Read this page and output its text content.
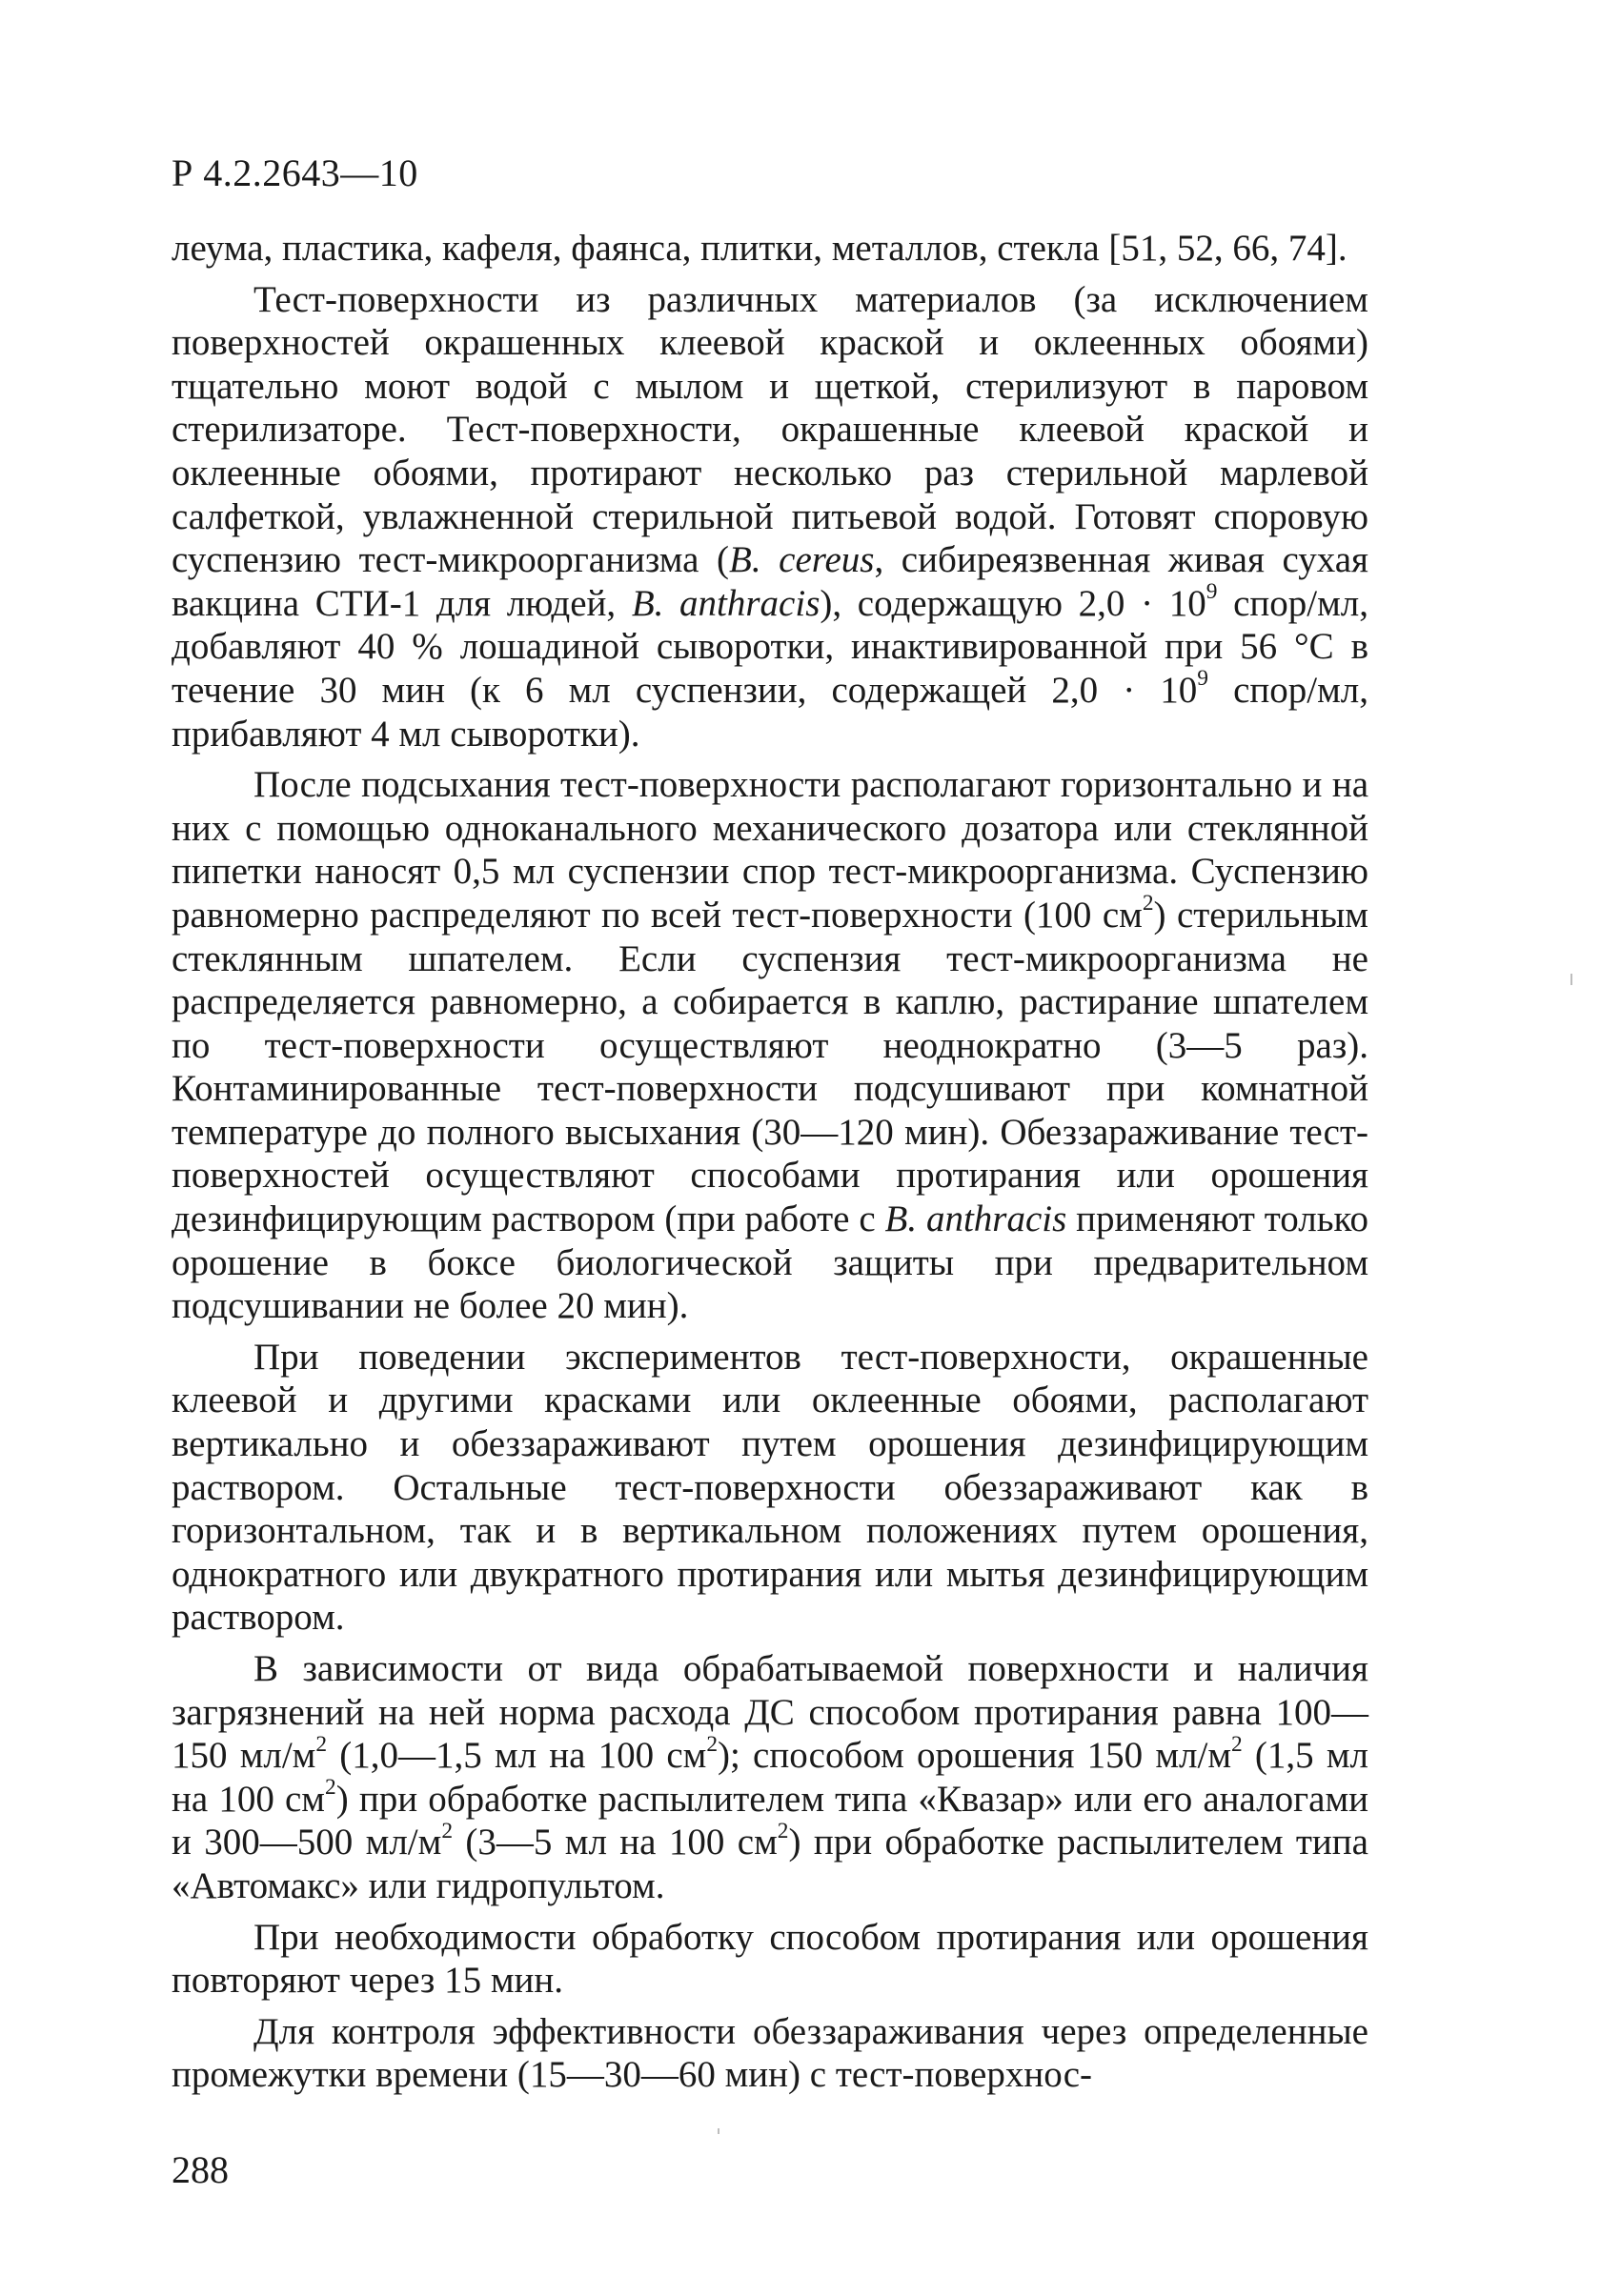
Р 4.2.2643—10

леума, пластика, кафеля, фаянса, плитки, металлов, стекла [51, 52, 66, 74].

Тест-поверхности из различных материалов (за исключением поверхностей окрашенных клеевой краской и оклеенных обоями) тщательно моют водой с мылом и щеткой, стерилизуют в паровом стерилизаторе. Тест-поверхности, окрашенные клеевой краской и оклеенные обоями, протирают несколько раз стерильной марлевой салфеткой, увлажненной стерильной питьевой водой. Готовят споровую суспензию тест-микроорганизма (B. cereus, сибиреязвенная живая сухая вакцина СТИ-1 для людей, B. anthracis), содержащую $2,0 \cdot 10^9$ спор/мл, добавляют 40 % лошадиной сыворотки, инактивированной при 56 °С в течение 30 мин (к 6 мл суспензии, содержащей $2,0 \cdot 10^9$ спор/мл, прибавляют 4 мл сыворотки).

После подсыхания тест-поверхности располагают горизонтально и на них с помощью одноканального механического дозатора или стеклянной пипетки наносят 0,5 мл суспензии спор тест-микроорганизма. Суспензию равномерно распределяют по всей тест-поверхности (100 $см^2$) стерильным стеклянным шпателем. Если суспензия тест-микроорганизма не распределяется равномерно, а собирается в каплю, растирание шпателем по тест-поверхности осуществляют неоднократно (3—5 раз). Контаминированные тест-поверхности подсушивают при комнатной температуре до полного высыхания (30—120 мин). Обеззараживание тест-поверхностей осуществляют способами протирания или орошения дезинфицирующим раствором (при работе с B. anthracis применяют только орошение в боксе биологической защиты при предварительном подсушивании не более 20 мин).

При поведении экспериментов тест-поверхности, окрашенные клеевой и другими красками или оклеенные обоями, располагают вертикально и обеззараживают путем орошения дезинфицирующим раствором. Остальные тест-поверхности обеззараживают как в горизонтальном, так и в вертикальном положениях путем орошения, однократного или двукратного протирания или мытья дезинфицирующим раствором.

В зависимости от вида обрабатываемой поверхности и наличия загрязнений на ней норма расхода ДС способом протирания равна 100—150 $мл/м^2$ (1,0—1,5 мл на 100 $см^2$); способом орошения 150 $мл/м^2$ (1,5 мл на 100 $см^2$) при обработке распылителем типа «Квазар» или его аналогами и 300—500 $мл/м^2$ (3—5 мл на 100 $см^2$) при обработке распылителем типа «Автомакс» или гидропультом.

При необходимости обработку способом протирания или орошения повторяют через 15 мин.

Для контроля эффективности обеззараживания через определенные промежутки времени (15—30—60 мин) с тест-поверхнос-

288
